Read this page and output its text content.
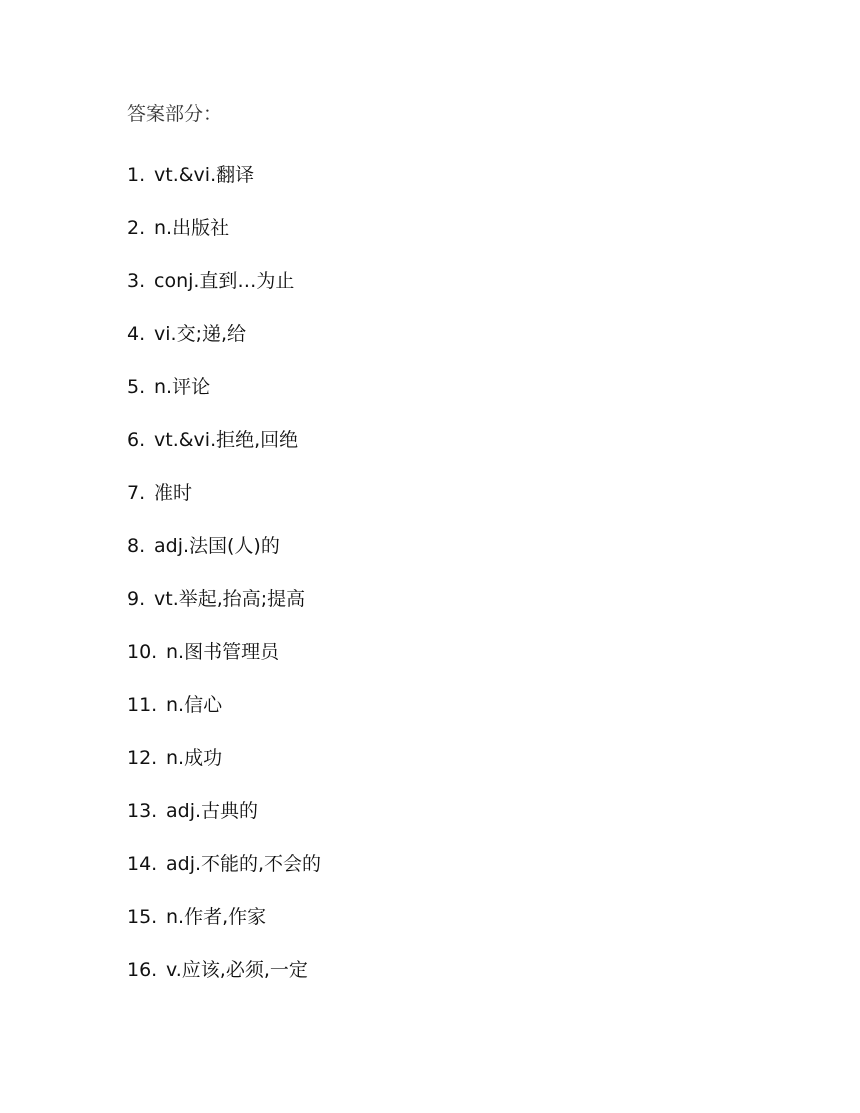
答案部分：
1. vt.&vi.翻译
2. n.出版社
3. conj.直到…为止
4. vi.交;递,给
5. n.评论
6. vt.&vi.拒绝,回绝
7. 准时
8. adj.法国(人)的
9. vt.举起,抬高;提高
10. n.图书管理员
11. n.信心
12. n.成功
13. adj.古典的
14. adj.不能的,不会的
15. n.作者,作家
16. v.应该,必须,一定
